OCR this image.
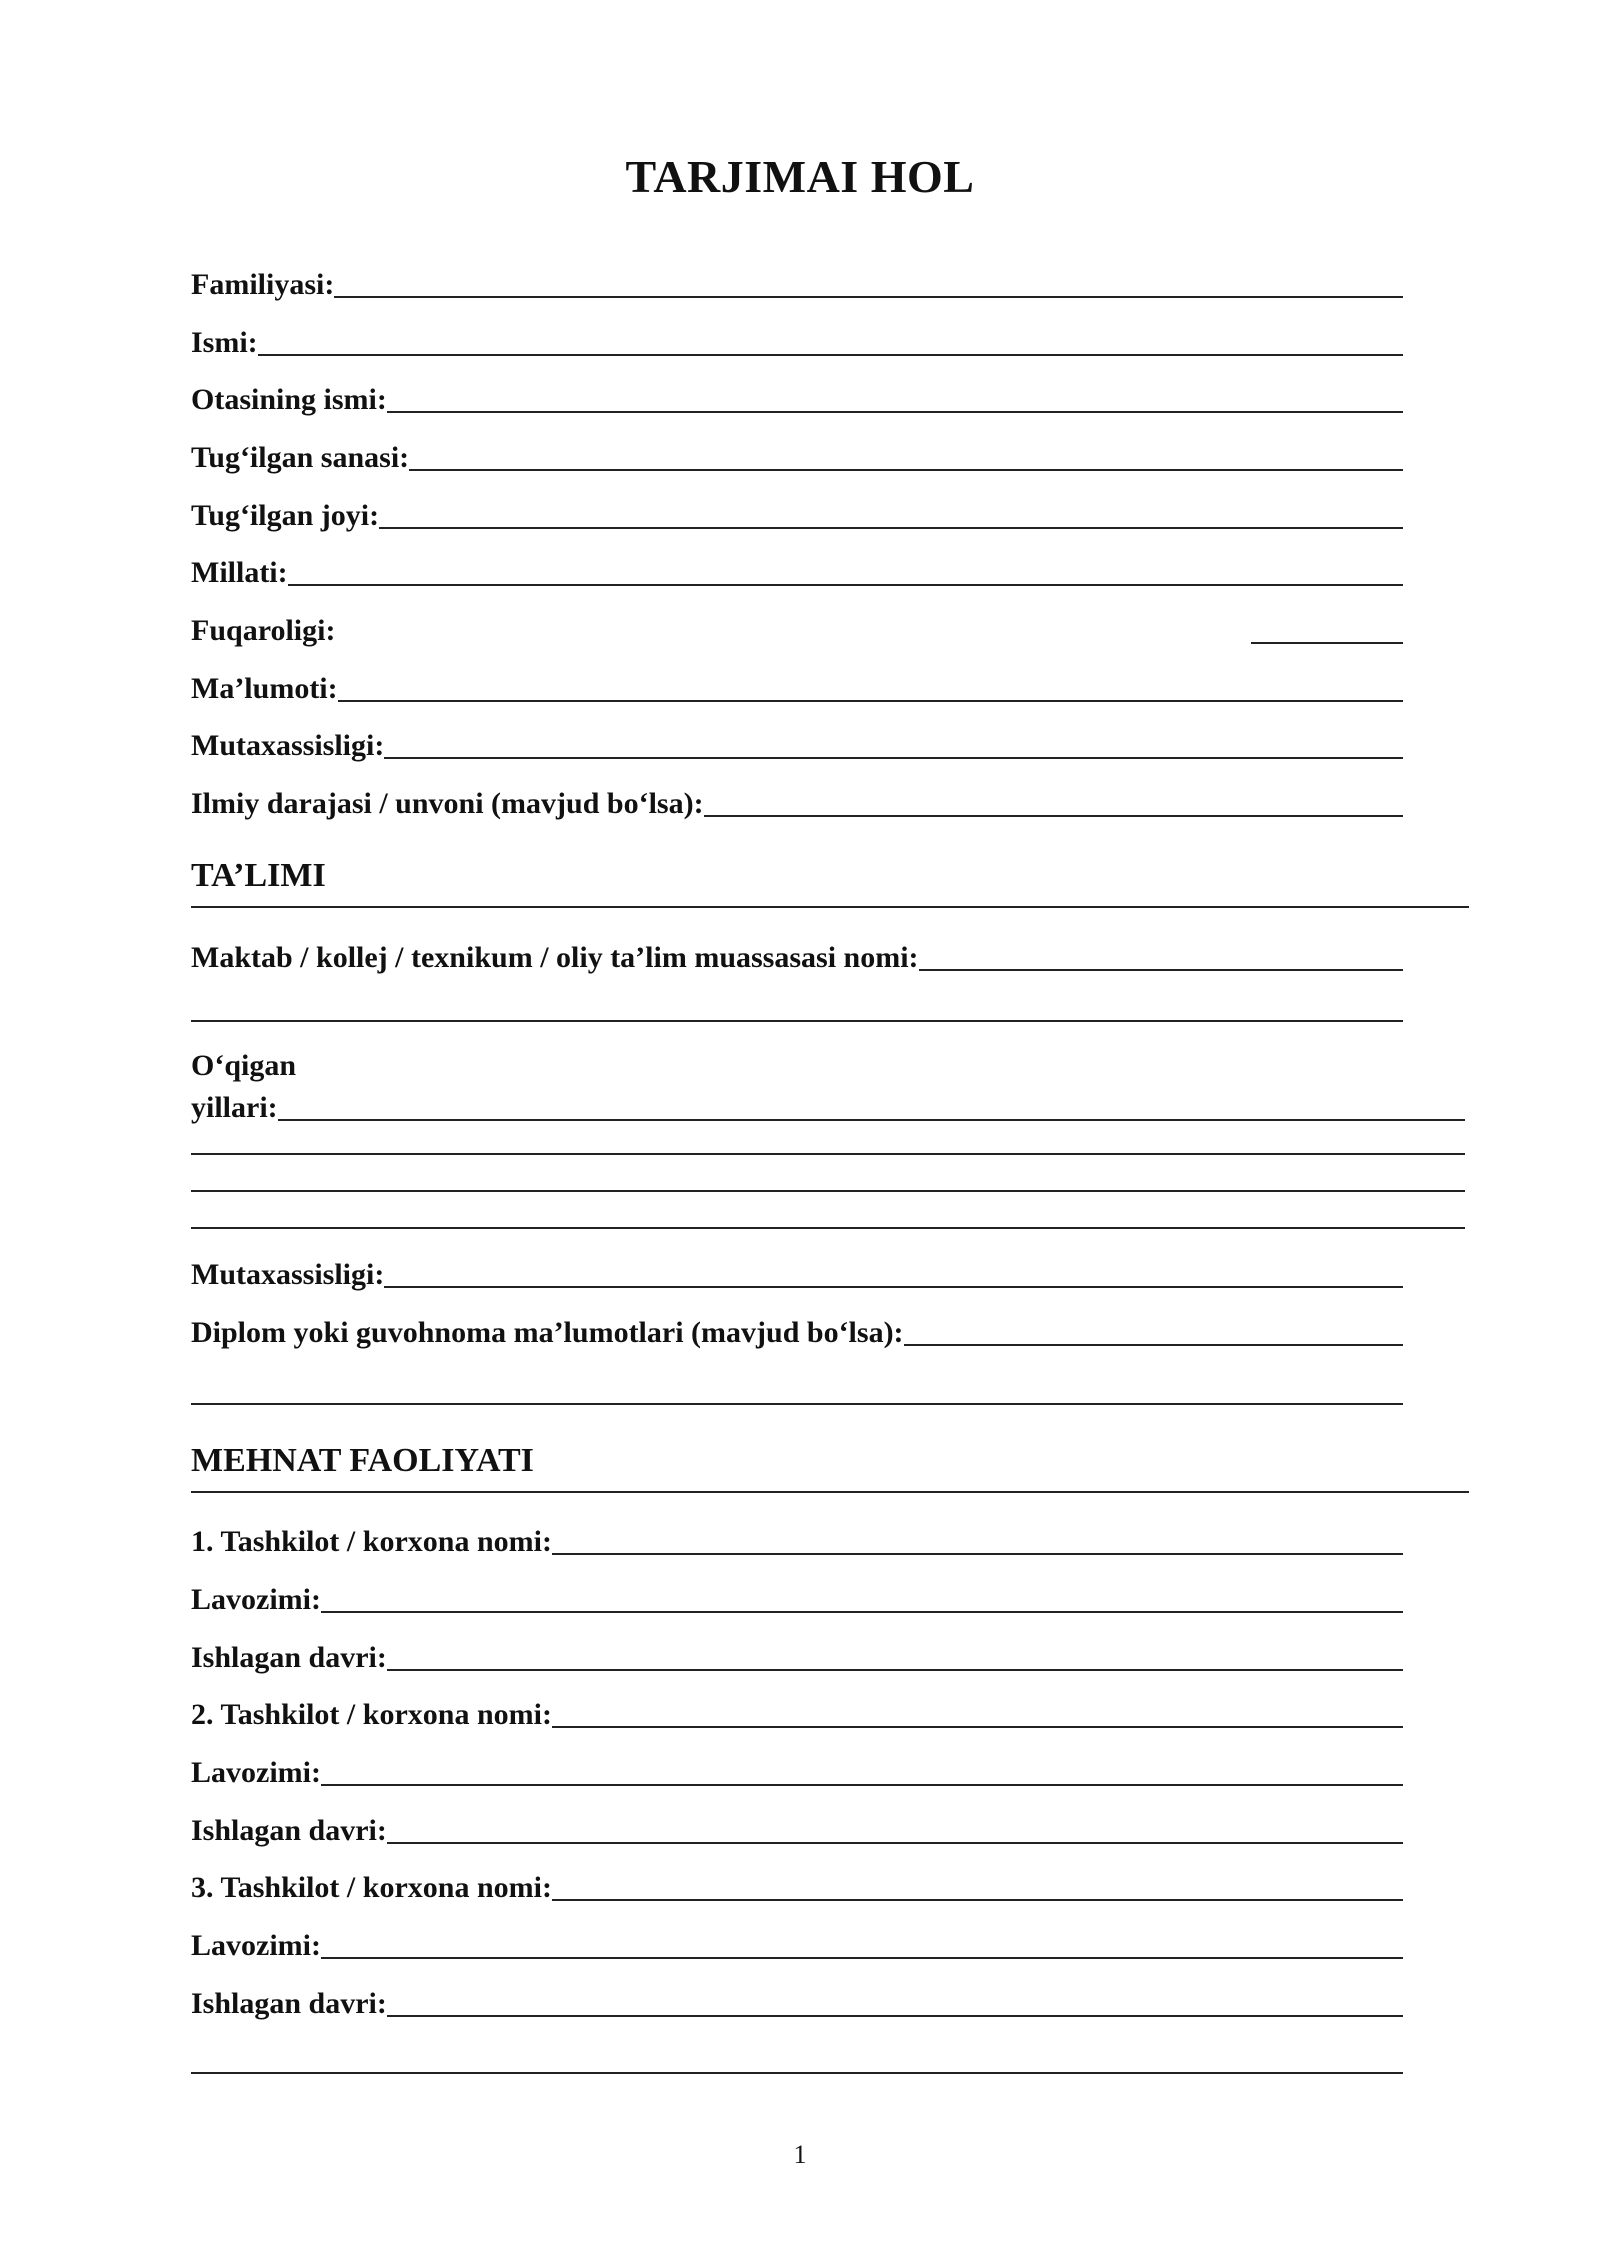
TARJIMAI HOL
Familiyasi:
Ismi:
Otasining ismi:
Tug‘ilgan sanasi:
Tug‘ilgan joyi:
Millati:
Fuqaroligi:
Ma’lumoti:
Mutaxassisligi:
Ilmiy darajasi / unvoni (mavjud bo‘lsa):
TA’LIMI
Maktab / kollej / texnikum / oliy ta’lim muassasasi nomi:
O‘qigan
yillari:
Mutaxassisligi:
Diplom yoki guvohnoma ma’lumotlari (mavjud bo‘lsa):
MEHNAT FAOLIYATI
1. Tashkilot / korxona nomi:
Lavozimi:
Ishlagan davri:
2. Tashkilot / korxona nomi:
Lavozimi:
Ishlagan davri:
3. Tashkilot / korxona nomi:
Lavozimi:
Ishlagan davri:
1
